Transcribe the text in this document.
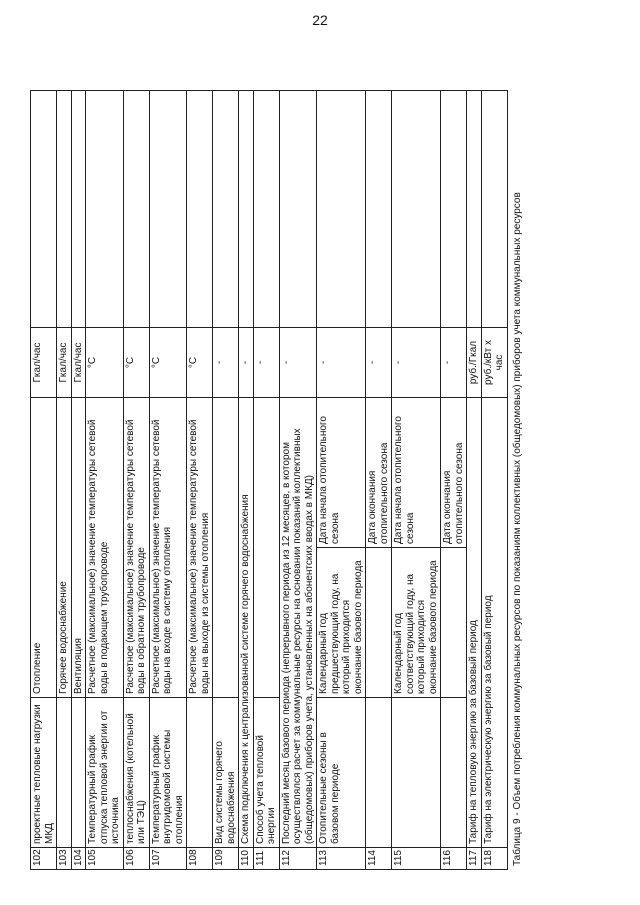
22
102	проектные тепловые нагрузки МКД	Отопление		Гкал/час	
103		Горячее водоснабжение		Гкал/час	
104		Вентиляция		Гкал/час	
105	Температурный график отпуска тепловой энергии от источника	Расчетное (максимальное) значение температуры сетевой воды в подающем трубопроводе		°С	
106	теплоснабжения (котельной или ТЭЦ)	Расчетное (максимальное) значение температуры сетевой воды в обратном трубопроводе		°С	
107	Температурный график внутридомовой системы отопления	Расчетное (максимальное) значение температуры сетевой воды на входе в систему отопления		°С	
108		Расчетное (максимальное) значение температуры сетевой воды на выходе из системы отопления		°С	
109	Вид системы горячего водоснабжения			-	
110	Схема подключения к централизованной системе горячего водоснабжения			-	
111	Способ учета тепловой энергии			-	
112	Последний месяц базового периода (непрерывного периода из 12 месяцев, в котором осуществлялся расчет за коммунальные ресурсы на основании показаний коллективных (общедомовых) приборов учета, установленных на абонентских вводах в МКД)			-	
113	Отопительные сезоны в базовом периоде	Календарный год предшествующий году, на который приходится окончание базового периода	Дата начала отопительного сезона	-	
114			Дата окончания отопительного сезона	-	
115		Календарный год соответствующий году, на который приходится окончание базового периода	Дата начала отопительного сезона	-	
116			Дата окончания отопительного сезона	-	
117	Тариф на тепловую энергию за базовый период			руб./Гкал	
118	Тариф на электрическую энергию за базовый период			руб./кВт х час	Таблица 9 - Объем потребления коммунальных ресурсов по показаниям коллективных (общедомовых) приборов учета коммунальных ресурсов
